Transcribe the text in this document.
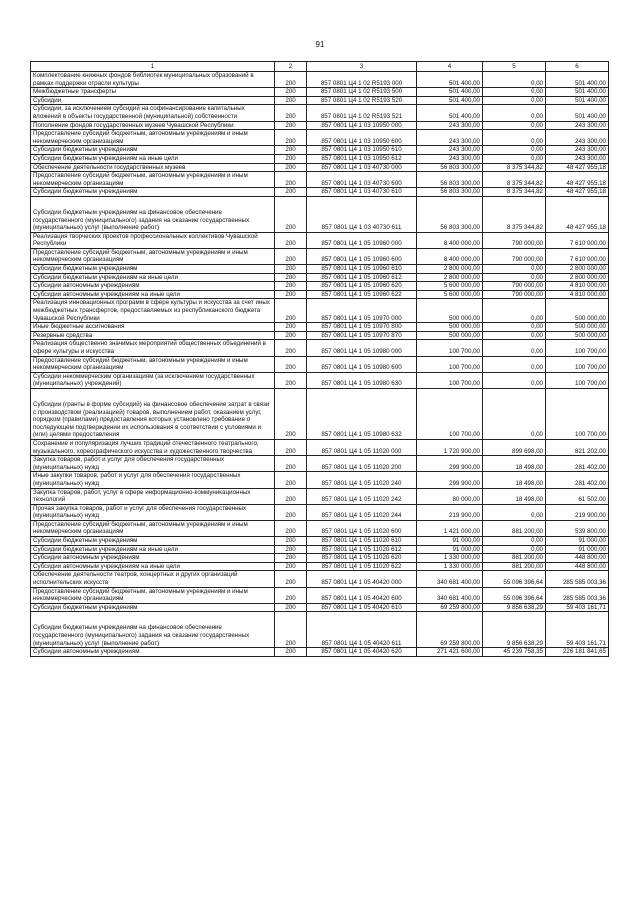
91
1	2	3	4	5	6
Комплектование книжных фондов библиотек муниципальных образований в рамках поддержки отрасли культуры	200	857 0801 Ц4 1 02 R5193 000	501 400,00	0,00	501 400,00
Межбюджетные трансферты	200	857 0801 Ц4 1 02 R5193 500	501 400,00	0,00	501 400,00
Субсидии	200	857 0801 Ц4 1 02 R5193 520	501 400,00	0,00	501 400,00
Субсидии, за исключением субсидий на софинансирование капитальных вложений в объекты государственной (муниципальной) собственности	200	857 0801 Ц4 1 02 R5193 521	501 400,00	0,00	501 400,00
Пополнение фондов государственных музеев Чувашской Республики	200	857 0801 Ц4 1 03 10950 000	243 300,00	0,00	243 300,00
Предоставление субсидий бюджетным, автономным учреждениям и иным некоммерческим организациям	200	857 0801 Ц4 1 03 10950 600	243 300,00	0,00	243 300,00
Субсидии бюджетным учреждениям	200	857 0801 Ц4 1 03 10950 610	243 300,00	0,00	243 300,00
Субсидии бюджетным учреждениям на иные цели	200	857 0801 Ц4 1 03 10950 612	243 300,00	0,00	243 300,00
Обеспечение деятельности государственных музеев	200	857 0801 Ц4 1 03 40730 000	56 803 300,00	8 375 344,82	48 427 955,18
Предоставление субсидий бюджетным, автономным учреждениям и иным некоммерческим организациям	200	857 0801 Ц4 1 03 40730 600	56 803 300,00	8 375 344,82	48 427 955,18
Субсидии бюджетным учреждениям	200	857 0801 Ц4 1 03 40730 610	56 803 300,00	8 375 344,82	48 427 955,18
Субсидии бюджетным учреждениям на финансовое обеспечение государственного (муниципального) задания на оказание государственных (муниципальных) услуг (выполнение работ)	200	857 0801 Ц4 1 03 40730 611	56 803 300,00	8 375 344,82	48 427 955,18
Реализация творческих проектов профессиональных коллективов Чувашской Республики	200	857 0801 Ц4 1 05 10960 000	8 400 000,00	790 000,00	7 610 000,00
Предоставление субсидий бюджетным, автономным учреждениям и иным некоммерческим организациям	200	857 0801 Ц4 1 05 10960 600	8 400 000,00	790 000,00	7 610 000,00
Субсидии бюджетным учреждениям	200	857 0801 Ц4 1 05 10960 610	2 800 000,00	0,00	2 800 000,00
Субсидии бюджетным учреждениям на иные цели	200	857 0801 Ц4 1 05 10960 612	2 800 000,00	0,00	2 800 000,00
Субсидии автономным учреждениям	200	857 0801 Ц4 1 05 10960 620	5 600 000,00	790 000,00	4 810 000,00
Субсидии автономным учреждениям на иные цели	200	857 0801 Ц4 1 05 10960 622	5 600 000,00	790 000,00	4 810 000,00
Реализация инновационных программ в сфере культуры и искусства за счет иных межбюджетных трансфертов, предоставляемых из республиканского бюджета Чувашской Республики	200	857 0801 Ц4 1 05 10970 000	500 000,00	0,00	500 000,00
Иные бюджетные ассигнования	200	857 0801 Ц4 1 05 10970 800	500 000,00	0,00	500 000,00
Резервные средства	200	857 0801 Ц4 1 05 10970 870	500 000,00	0,00	500 000,00
Реализация общественно значимых мероприятий общественных объединений в сфере культуры и искусства	200	857 0801 Ц4 1 05 10980 000	100 700,00	0,00	100 700,00
Предоставление субсидий бюджетным, автономным учреждениям и иным некоммерческим организациям	200	857 0801 Ц4 1 05 10980 600	100 700,00	0,00	100 700,00
Субсидии некоммерческим организациям (за исключением государственных (муниципальных) учреждений)	200	857 0801 Ц4 1 05 10980 630	100 700,00	0,00	100 700,00
Субсидии (гранты в форме субсидий) на финансовое обеспечение затрат в связи с производством (реализацией) товаров, выполнением работ, оказанием услуг, порядком (правилами) предоставления которых установлено требование о последующем подтверждении их использования в соответствии с условиями и (или) целями предоставления	200	857 0801 Ц4 1 05 10980 632	100 700,00	0,00	100 700,00
Сохранение и популяризация лучших традиций отечественного театрального, музыкального, хореографического искусства и художественного творчества	200	857 0801 Ц4 1 05 11020 000	1 720 900,00	899 698,00	821 202,00
Закупка товаров, работ и услуг для обеспечения государственных (муниципальных) нужд	200	857 0801 Ц4 1 05 11020 200	299 900,00	18 498,00	281 402,00
Иные закупки товаров, работ и услуг для обеспечения государственных (муниципальных) нужд	200	857 0801 Ц4 1 05 11020 240	299 900,00	18 498,00	281 402,00
Закупка товаров, работ, услуг в сфере информационно-коммуникационных технологий	200	857 0801 Ц4 1 05 11020 242	80 000,00	18 498,00	61 502,00
Прочая закупка товаров, работ и услуг для обеспечения государственных (муниципальных) нужд	200	857 0801 Ц4 1 05 11020 244	219 900,00	0,00	219 900,00
Предоставление субсидий бюджетным, автономным учреждениям и иным некоммерческим организациям	200	857 0801 Ц4 1 05 11020 600	1 421 000,00	881 200,00	539 800,00
Субсидии бюджетным учреждениям	200	857 0801 Ц4 1 05 11020 610	91 000,00	0,00	91 000,00
Субсидии бюджетным учреждениям на иные цели	200	857 0801 Ц4 1 05 11020 612	91 000,00	0,00	91 000,00
Субсидии автономным учреждениям	200	857 0801 Ц4 1 05 11020 620	1 330 000,00	881 200,00	448 800,00
Субсидии автономным учреждениям на иные цели	200	857 0801 Ц4 1 05 11020 622	1 330 000,00	881 200,00	448 800,00
Обеспечение деятельности театров, концертных и других организаций исполнительских искусств	200	857 0801 Ц4 1 05 40420 000	340 681 400,00	55 096 396,64	285 585 003,36
Предоставление субсидий бюджетным, автономным учреждениям и иным некоммерческим организациям	200	857 0801 Ц4 1 05 40420 600	340 681 400,00	55 096 396,64	285 585 003,36
Субсидии бюджетным учреждениям	200	857 0801 Ц4 1 05 40420 610	69 259 800,00	9 856 638,29	59 403 161,71
Субсидии бюджетным учреждениям на финансовое обеспечение государственного (муниципального) задания на оказание государственных (муниципальных) услуг (выполнение работ)	200	857 0801 Ц4 1 05 40420 611	69 259 800,00	9 856 638,29	59 403 161,71
Субсидии автономным учреждениям	200	857 0801 Ц4 1 05 40420 620	271 421 600,00	45 239 758,35	226 181 841,65
